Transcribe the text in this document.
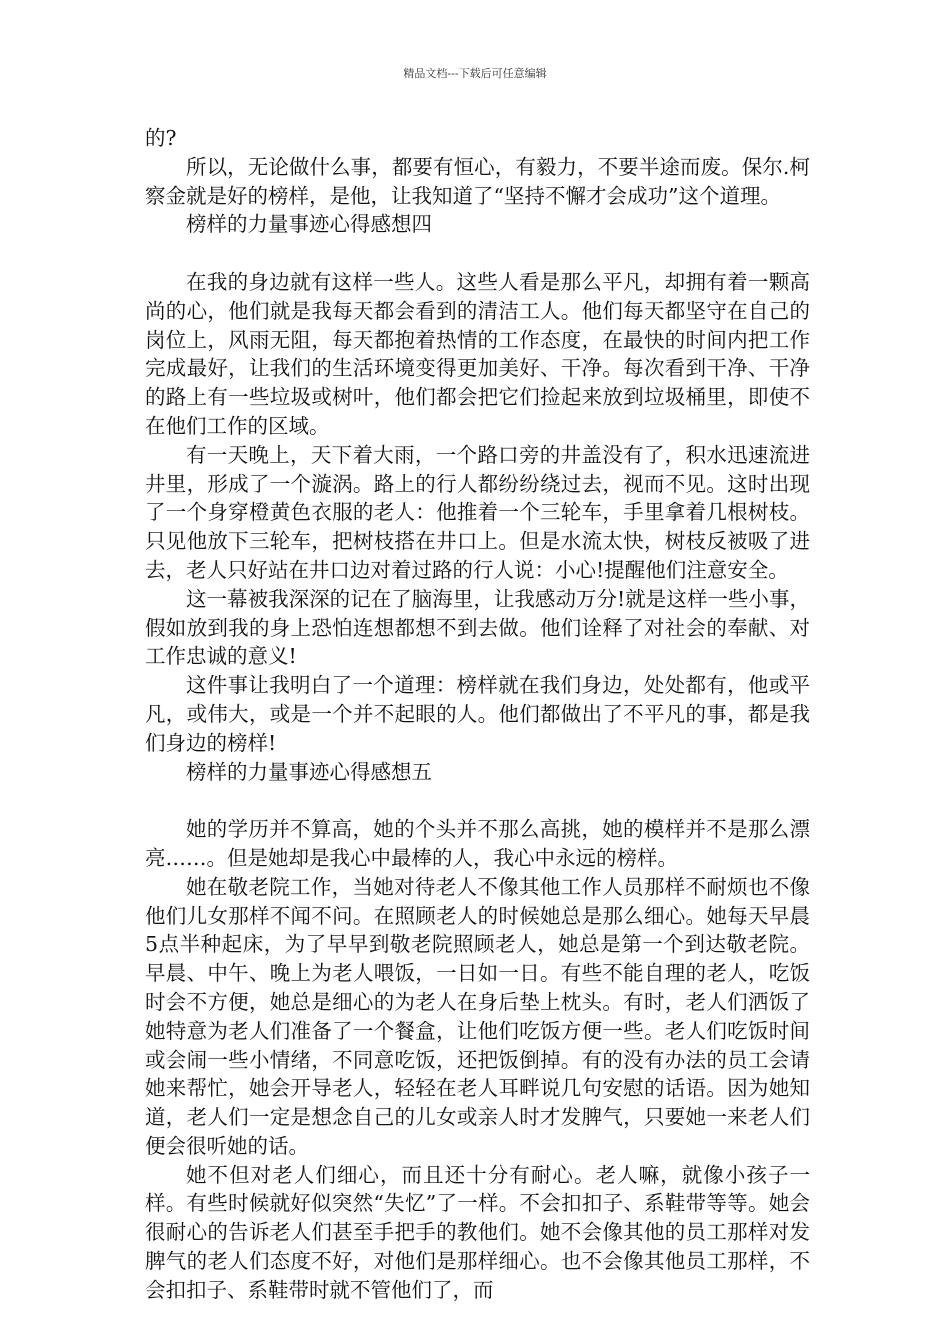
精品文档---下载后可任意编辑

的?

所以，无论做什么事，都要有恒心，有毅力，不要半途而废。保尔.柯察金就是好的榜样，是他，让我知道了“坚持不懈才会成功”这个道理。

榜样的力量事迹心得感想四

在我的身边就有这样一些人。这些人看是那么平凡，却拥有着一颗高尚的心，他们就是我每天都会看到的清洁工人。他们每天都坚守在自己的岗位上，风雨无阻，每天都抱着热情的工作态度，在最快的时间内把工作完成最好，让我们的生活环境变得更加美好、干净。每次看到干净、干净的路上有一些垃圾或树叶，他们都会把它们捡起来放到垃圾桶里，即使不在他们工作的区域。

有一天晚上，天下着大雨，一个路口旁的井盖没有了，积水迅速流进井里，形成了一个漩涡。路上的行人都纷纷绕过去，视而不见。这时出现了一个身穿橙黄色衣服的老人：他推着一个三轮车，手里拿着几根树枝。只见他放下三轮车，把树枝搭在井口上。但是水流太快，树枝反被吸了进去，老人只好站在井口边对着过路的行人说：小心!提醒他们注意安全。

这一幕被我深深的记在了脑海里，让我感动万分!就是这样一些小事，假如放到我的身上恐怕连想都想不到去做。他们诠释了对社会的奉献、对工作忠诚的意义!

这件事让我明白了一个道理：榜样就在我们身边，处处都有，他或平凡，或伟大，或是一个并不起眼的人。他们都做出了不平凡的事，都是我们身边的榜样!

榜样的力量事迹心得感想五

她的学历并不算高，她的个头并不那么高挑，她的模样并不是那么漂亮……。但是她却是我心中最棒的人，我心中永远的榜样。

她在敬老院工作，当她对待老人不像其他工作人员那样不耐烦也不像他们儿女那样不闻不问。在照顾老人的时候她总是那么细心。她每天早晨5点半种起床，为了早早到敬老院照顾老人，她总是第一个到达敬老院。早晨、中午、晚上为老人喂饭，一日如一日。有些不能自理的老人，吃饭时会不方便，她总是细心的为老人在身后垫上枕头。有时，老人们洒饭了她特意为老人们准备了一个餐盒，让他们吃饭方便一些。老人们吃饭时间或会闹一些小情绪，不同意吃饭，还把饭倒掉。有的没有办法的员工会请她来帮忙，她会开导老人，轻轻在老人耳畔说几句安慰的话语。因为她知道，老人们一定是想念自己的儿女或亲人时才发脾气，只要她一来老人们便会很听她的话。

她不但对老人们细心，而且还十分有耐心。老人嘛，就像小孩子一样。有些时候就好似突然“失忆”了一样。不会扣扣子、系鞋带等等。她会很耐心的告诉老人们甚至手把手的教他们。她不会像其他的员工那样对发脾气的老人们态度不好，对他们是那样细心。也不会像其他员工那样，不会扣扣子、系鞋带时就不管他们了，而
